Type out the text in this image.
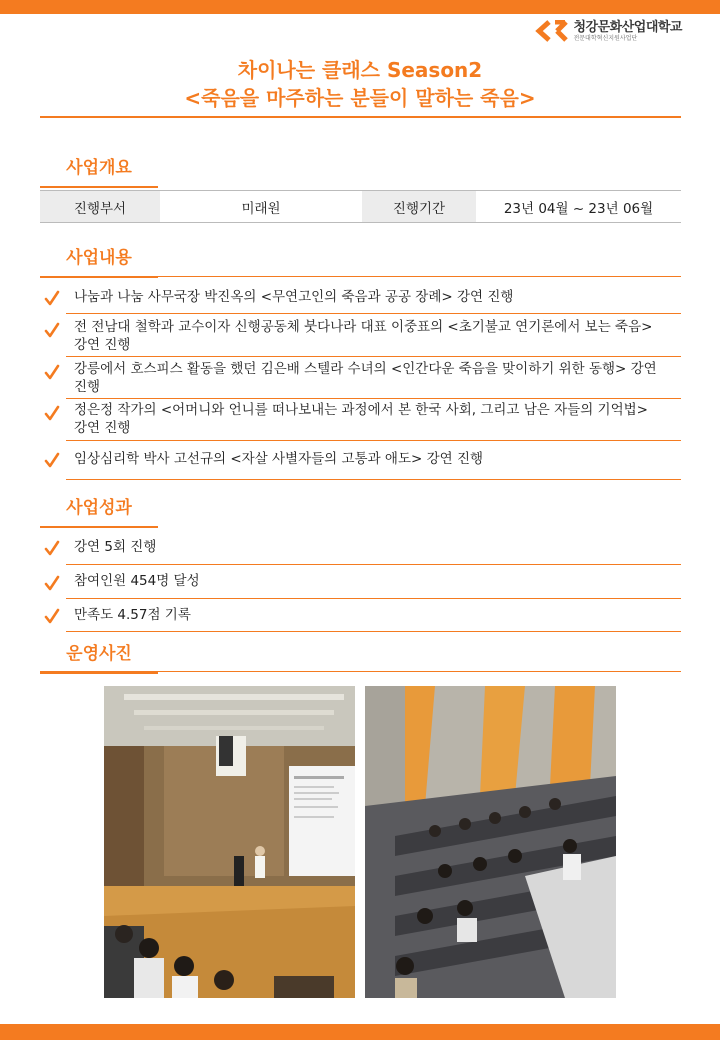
청강문화산업대학교
전문대학혁신지원사업단
차이나는 클래스 Season2
<죽음을 마주하는 분들이 말하는 죽음>
사업개요
진행부서	미래원	진행기간	23년 04월 ~ 23년 06월
사업내용
나눔과 나눔 사무국장 박진옥의 <무연고인의 죽음과 공공 장례> 강연 진행
전 전남대 철학과 교수이자 신행공동체 붓다나라 대표 이중표의 <초기불교 연기론에서 보는 죽음> 강연 진행
강릉에서 호스피스 활동을 했던 김은배 스텔라 수녀의 <인간다운 죽음을 맞이하기 위한 동행> 강연 진행
정은정 작가의 <어머니와 언니를 떠나보내는 과정에서 본 한국 사회, 그리고 남은 자들의 기억법> 강연 진행
임상심리학 박사 고선규의 <자살 사별자들의 고통과 애도> 강연 진행
사업성과
강연 5회 진행
참여인원 454명 달성
만족도 4.57점 기록
운영사진
